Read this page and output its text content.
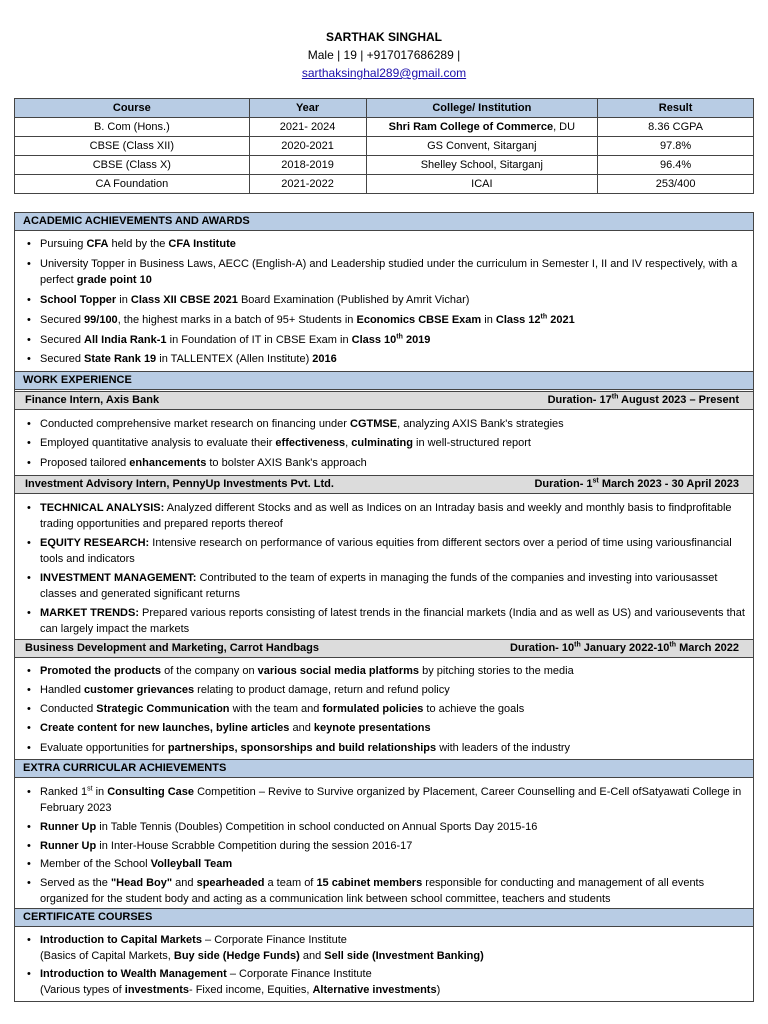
SARTHAK SINGHAL
Male | 19 | +917017686289 |
sarthaksinghal289@gmail.com
Course	Year	College/ Institution	Result
B. Com (Hons.)	2021- 2024	Shri Ram College of Commerce, DU	8.36 CGPA
CBSE (Class XII)	2020-2021	GS Convent, Sitarganj	97.8%
CBSE (Class X)	2018-2019	Shelley School, Sitarganj	96.4%
CA Foundation	2021-2022	ICAI	253/400
ACADEMIC ACHIEVEMENTS AND AWARDS
• Pursuing CFA held by the CFA Institute
• University Topper in Business Laws, AECC (English-A) and Leadership studied under the curriculum in Semester I, II and IV respectively, with a perfect grade point 10
• School Topper in Class XII CBSE 2021 Board Examination (Published by Amrit Vichar)
• Secured 99/100, the highest marks in a batch of 95+ Students in Economics CBSE Exam in Class 12th 2021
• Secured All India Rank-1 in Foundation of IT in CBSE Exam in Class 10th 2019
• Secured State Rank 19 in TALLENTEX (Allen Institute) 2016
WORK EXPERIENCE
Finance Intern, Axis Bank	Duration- 17th August 2023 – Present
• Conducted comprehensive market research on financing under CGTMSE, analyzing AXIS Bank's strategies
• Employed quantitative analysis to evaluate their effectiveness, culminating in well-structured report
• Proposed tailored enhancements to bolster AXIS Bank's approach
Investment Advisory Intern, PennyUp Investments Pvt. Ltd.	Duration- 1st March 2023 - 30 April 2023
• TECHNICAL ANALYSIS: Analyzed different Stocks and as well as Indices on an Intraday basis and weekly and monthly basis to findprofitable trading opportunities and prepared reports thereof
• EQUITY RESEARCH: Intensive research on performance of various equities from different sectors over a period of time using variousfinancial tools and indicators
• INVESTMENT MANAGEMENT: Contributed to the team of experts in managing the funds of the companies and investing into variousasset classes and generated significant returns
• MARKET TRENDS: Prepared various reports consisting of latest trends in the financial markets (India and as well as US) and variousevents that can largely impact the markets
Business Development and Marketing, Carrot Handbags	Duration- 10th January 2022-10th March 2022
• Promoted the products of the company on various social media platforms by pitching stories to the media
• Handled customer grievances relating to product damage, return and refund policy
• Conducted Strategic Communication with the team and formulated policies to achieve the goals
• Create content for new launches, byline articles and keynote presentations
• Evaluate opportunities for partnerships, sponsorships and build relationships with leaders of the industry
EXTRA CURRICULAR ACHIEVEMENTS
• Ranked 1st in Consulting Case Competition – Revive to Survive organized by Placement, Career Counselling and E-Cell ofSatyawati College in February 2023
• Runner Up in Table Tennis (Doubles) Competition in school conducted on Annual Sports Day 2015-16
• Runner Up in Inter-House Scrabble Competition during the session 2016-17
• Member of the School Volleyball Team
• Served as the "Head Boy" and spearheaded a team of 15 cabinet members responsible for conducting and management of all events organized for the student body and acting as a communication link between school committee, teachers and students
CERTIFICATE COURSES
• Introduction to Capital Markets – Corporate Finance Institute
(Basics of Capital Markets, Buy side (Hedge Funds) and Sell side (Investment Banking)
• Introduction to Wealth Management – Corporate Finance Institute
(Various types of investments- Fixed income, Equities, Alternative investments)
